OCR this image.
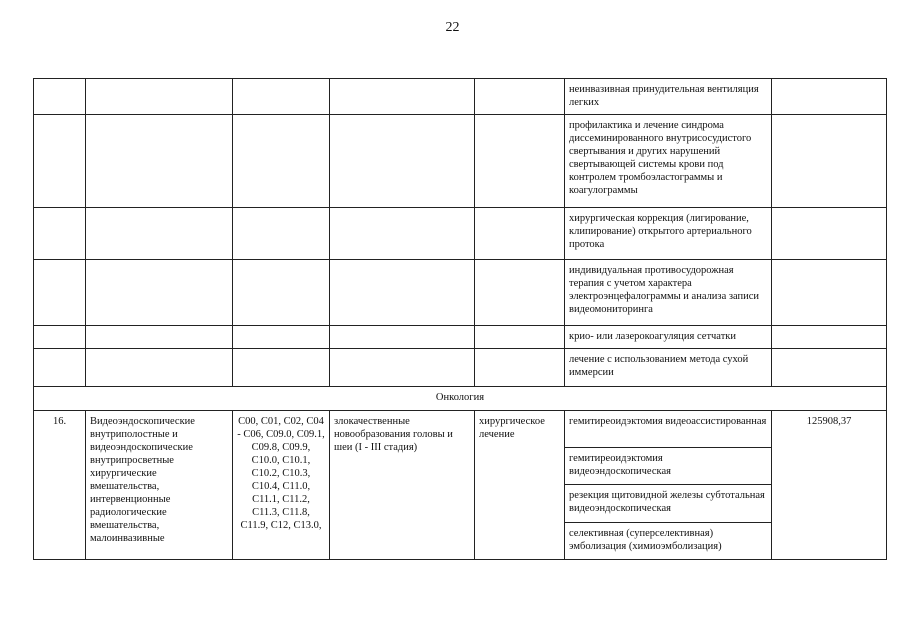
22
					неинвазивная принудительная вентиляция легких	
					профилактика и лечение синдрома диссеминированного внутрисосудистого свертывания и других нарушений свертывающей системы крови под контролем тромбоэластограммы и коагулограммы	
					хирургическая коррекция (лигирование, клипирование) открытого артериального протока	
					индивидуальная противосудорожная терапия с учетом характера электроэнцефалограммы и анализа записи видеомониторинга	
					крио- или лазерокоагуляция сетчатки	
					лечение с использованием метода сухой иммерсии	
Онкология						
16.	Видеоэндоскопические внутриполостные и видеоэндоскопические внутрипросветные хирургические вмешательства, интервенционные радиологические вмешательства, малоинвазивные	C00, C01, C02, C04 - C06, C09.0, C09.1, C09.8, C09.9, C10.0, C10.1, C10.2, C10.3, C10.4, C11.0, C11.1, C11.2, C11.3, C11.8, C11.9, C12, C13.0,	злокачественные новообразования головы и шеи (I - III стадия)	хирургическое лечение	гемитиреоидэктомия видеоассистированная	125908,37
					гемитиреоидэктомия видеоэндоскопическая	
					резекция щитовидной железы субтотальная видеоэндоскопическая	
					селективная (суперселективная) эмболизация (химиоэмболизация)	
